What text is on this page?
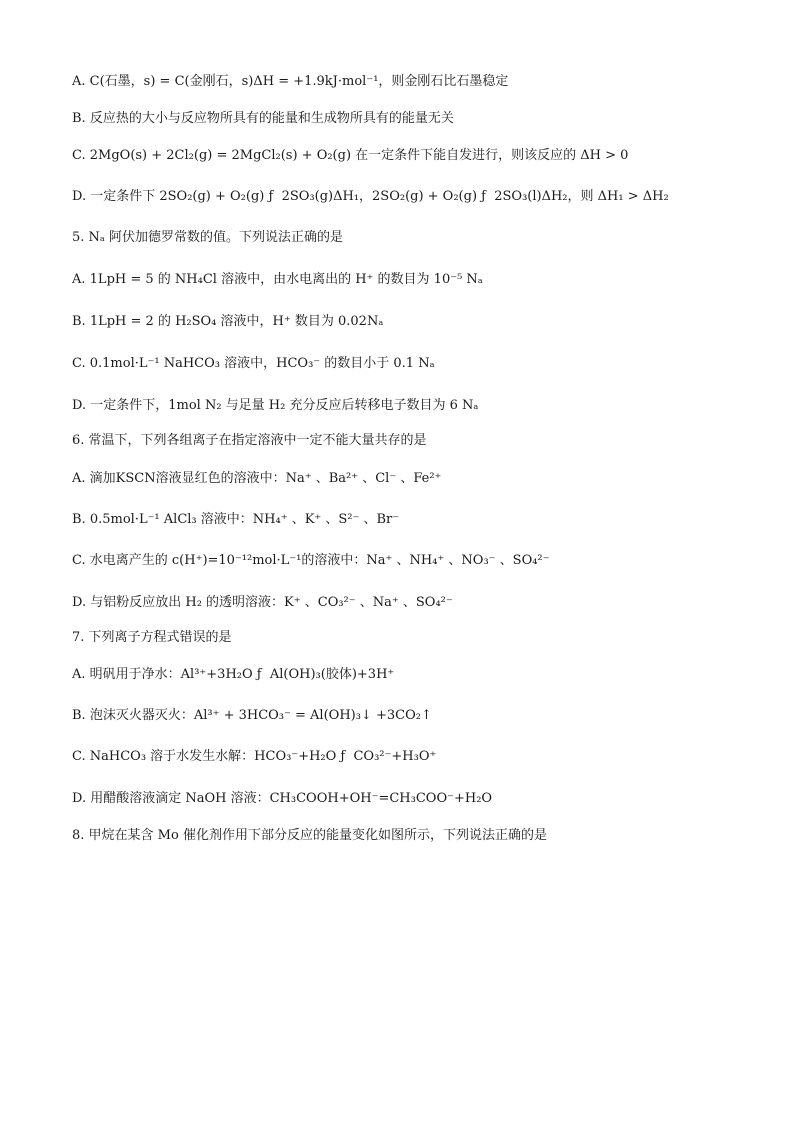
A. C(石墨，s) = C(金刚石，s)ΔH = +1.9kJ·mol⁻¹，则金刚石比石墨稳定
B. 反应热的大小与反应物所具有的能量和生成物所具有的能量无关
C. 2MgO(s) + 2Cl₂(g) = 2MgCl₂(s) + O₂(g) 在一定条件下能自发进行，则该反应的 ΔH > 0
D. 一定条件下 2SO₂(g) + O₂(g) ƒ  2SO₃(g)ΔH₁，2SO₂(g) + O₂(g) ƒ  2SO₃(l)ΔH₂，则 ΔH₁ > ΔH₂
5. Nₐ 阿伏加德罗常数的值。下列说法正确的是
A. 1LpH = 5 的 NH₄Cl 溶液中，由水电离出的 H⁺ 的数目为 10⁻⁵ Nₐ
B. 1LpH = 2 的 H₂SO₄ 溶液中，H⁺ 数目为 0.02Nₐ
C. 0.1mol·L⁻¹ NaHCO₃ 溶液中，HCO₃⁻ 的数目小于 0.1 Nₐ
D. 一定条件下，1mol N₂ 与足量 H₂ 充分反应后转移电子数目为 6 Nₐ
6. 常温下，下列各组离子在指定溶液中一定不能大量共存的是
A. 滴加KSCN溶液显红色的溶液中：Na⁺ 、Ba²⁺ 、Cl⁻ 、Fe²⁺
B. 0.5mol·L⁻¹ AlCl₃ 溶液中：NH₄⁺ 、K⁺ 、S²⁻ 、Br⁻
C. 水电离产生的 c(H⁺)=10⁻¹²mol·L⁻¹的溶液中：Na⁺ 、NH₄⁺ 、NO₃⁻ 、SO₄²⁻
D. 与铝粉反应放出 H₂ 的透明溶液：K⁺ 、CO₃²⁻ 、Na⁺ 、SO₄²⁻
7. 下列离子方程式错误的是
A. 明矾用于净水：Al³⁺+3H₂O ƒ  Al(OH)₃(胶体)+3H⁺
B. 泡沫灭火器灭火：Al³⁺ + 3HCO₃⁻ = Al(OH)₃↓ +3CO₂↑
C. NaHCO₃ 溶于水发生水解：HCO₃⁻+H₂O ƒ  CO₃²⁻+H₃O⁺
D. 用醋酸溶液滴定 NaOH 溶液：CH₃COOH+OH⁻=CH₃COO⁻+H₂O
8. 甲烷在某含 Mo 催化剂作用下部分反应的能量变化如图所示，下列说法正确的是
